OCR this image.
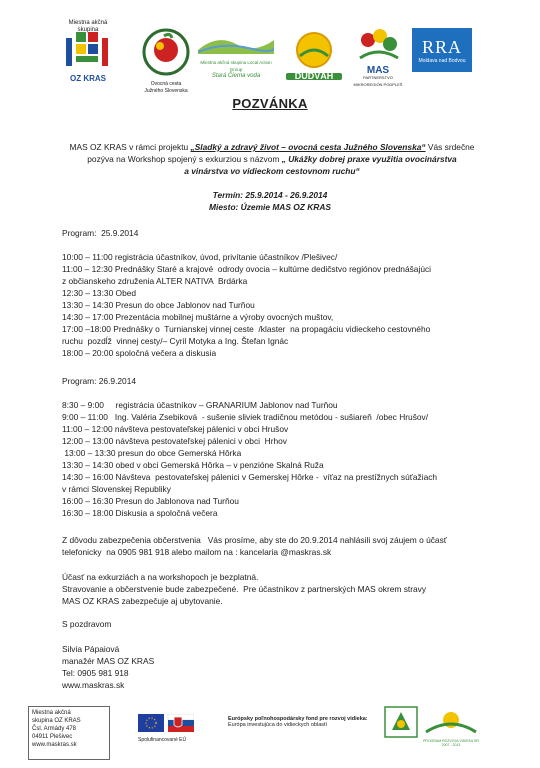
Miestna akčná skupina
OZ KRAS
Ovocná cesta Južného Slovenska
Miestna akčná skupina Local Action Group
Stará Čierna voda	DUDVÁH	MAS
PARTNERSTVO MIKROREGIÓN PODPLEŠ
RRA
Moldava nad Bodvou
POZVÁNKA
MAS OZ KRAS v rámci projektu „Sladký a zdravý život – ovocná cesta Južného Slovenska“ Vás srdečne
pozýva na Workshop spojený s exkurziou s názvom „ Ukážky dobrej praxe využitia ovocinárstva
a vinárstva vo vidieckom cestovnom ruchu“
Termín: 25.9.2014 - 26.9.2014
Miesto: Územie MAS OZ KRAS
Program:  25.9.2014
10:00 – 11:00 registrácia účastníkov, úvod, privítanie účastníkov /Plešivec/
11:00 – 12:30 Prednášky Staré a krajové  odrody ovocia – kultúrne dedičstvo regiónov prednášajúci
z občianskeho združenia ALTER NATIVA  Brdárka
12:30 – 13:30 Obed
13:30 – 14:30 Presun do obce Jablonov nad Turňou
14:30 – 17:00 Prezentácia mobilnej muštárne a výroby ovocných muštov,
17:00 –18:00 Prednášky o  Turnianskej vinnej ceste  /klaster  na propagáciu vidieckeho cestovného
ruchu  pozdĺž  vinnej cesty/– Cyril Motyka a Ing. Štefan Ignác
18:00 – 20:00 spoločná večera a diskusia
Program: 26.9.2014
8:30 – 9:00     registrácia účastníkov – GRANARIUM Jablonov nad Turňou
9:00 – 11:00   Ing. Valéria Zsebiková  - sušenie sliviek tradičnou metódou - sušiareň  /obec Hrušov/
11:00 – 12:00 návšteva pestovateľskej pálenici v obci Hrušov
12:00 – 13:00 návšteva pestovateľskej pálenici v obci  Hrhov
13:00 – 13:30 presun do obce Gemerská Hôrka
13:30 – 14:30 obed v obci Gemerská Hôrka – v penzióne Skalná Ruža
14:30 – 16:00 Návšteva  pestovateľskej pálenici v Gemerskej Hôrke -  víťaz na prestížnych súťažiach
v rámci Slovenskej Republiky
16:00 – 16:30 Presun do Jablonova nad Turňou
16:30 – 18:00 Diskusia a spoločná večera
Z dôvodu zabezpečenia občerstvenia   Vás prosíme, aby ste do 20.9.2014 nahlásili svoj záujem o účasť
telefonicky  na 0905 981 918 alebo mailom na : kancelaria @maskras.sk
Účasť na exkurziách a na workshopoch je bezplatná.
Stravovanie a občerstvenie bude zabezpečené.  Pre účastníkov z partnerských MAS okrem stravy
MAS OZ KRAS zabezpečuje aj ubytovanie.
S pozdravom
Silvia Pápaiová
manažér MAS OZ KRAS
Tel: 0905 981 918
www.maskras.sk
Miestna akčná
skupina OZ KRAS
Čsl. Armády 478
04911 Plešivec
www.maskras.sk
Spolufinancované EÚ
Európsky poľnohospodársky fond pre rozvoj vidieka:
Európa investujúca do vidieckych oblastí
PROGRAM ROZVOJA VIDIEKA SR 2007 - 2013
